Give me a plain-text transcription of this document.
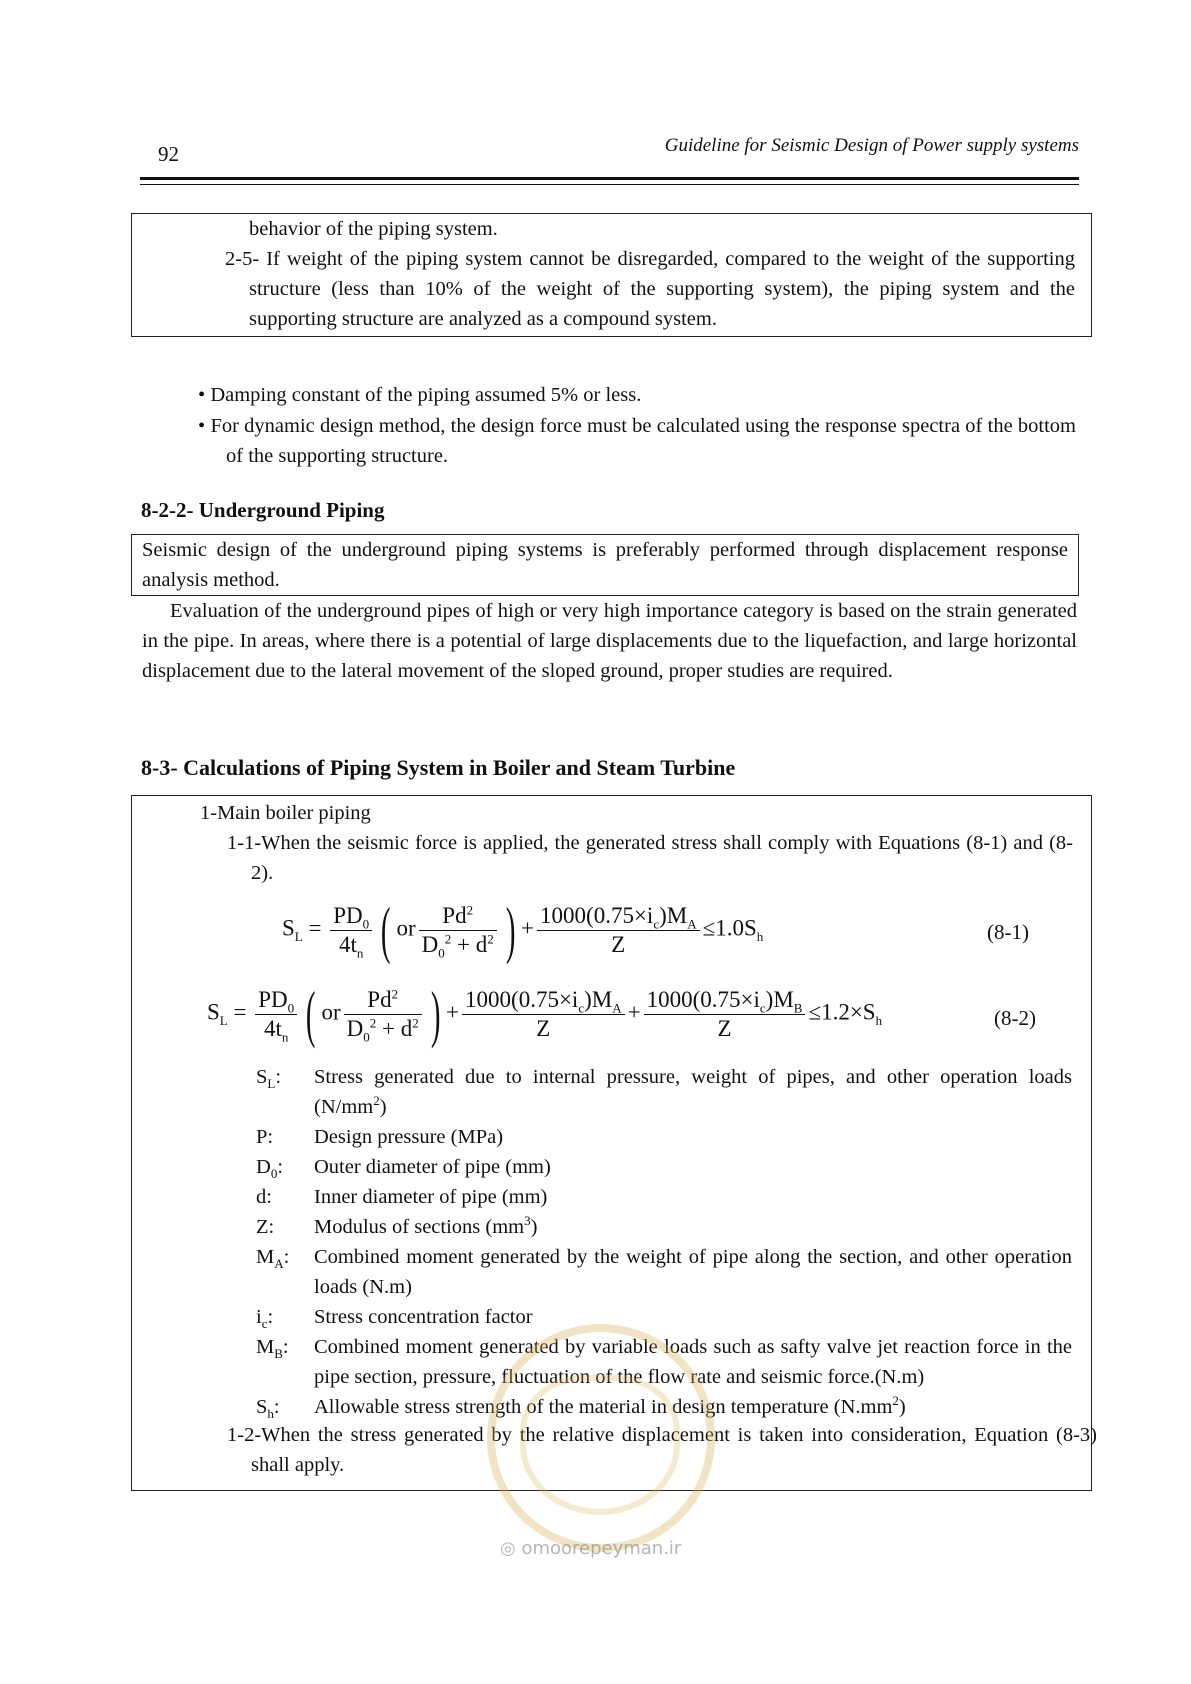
92	Guideline for Seismic Design of Power supply systems
behavior of the piping system.
2-5- If weight of the piping system cannot be disregarded, compared to the weight of the supporting structure (less than 10% of the weight of the supporting system), the piping system and the supporting structure are analyzed as a compound system.
• Damping constant of the piping assumed 5% or less.
• For dynamic design method, the design force must be calculated using the response spectra of the bottom of the supporting structure.
8-2-2- Underground Piping
Seismic design of the underground piping systems is preferably performed through displacement response analysis method.
Evaluation of the underground pipes of high or very high importance category is based on the strain generated in the pipe. In areas, where there is a potential of large displacements due to the liquefaction, and large horizontal displacement due to the lateral movement of the sloped ground, proper studies are required.
8-3- Calculations of Piping System in Boiler and Steam Turbine
1-Main boiler piping
1-1-When the seismic force is applied, the generated stress shall comply with Equations (8-1) and (8-2).
$S_L = \frac{PD_0}{4t_n}$ ( or $\frac{Pd^2}{D_0^2 + d^2}$ ) + $\frac{1000(0.75\times i_c)M_A}{Z} \le 1.0S_h$	(8-1)
$S_L = \frac{PD_0}{4t_n}$ ( or $\frac{Pd^2}{D_0^2 + d^2}$ ) + $\frac{1000(0.75\times i_c)M_A}{Z} + \frac{1000(0.75\times i_c)M_B}{Z} \le 1.2\times S_h$	(8-2)
1-2-When the stress generated by the relative displacement is taken into consideration, Equation (8-3) shall apply.
$S_L$: Stress generated due to internal pressure, weight of pipes, and other operation loads $(N/mm^2)$
P: Design pressure (MPa)
$D_0$: Outer diameter of pipe (mm)
d: Inner diameter of pipe (mm)
Z: Modulus of sections $(mm^3)$
$M_A$: Combined moment generated by the weight of pipe along the section, and other operation loads (N.m)
$i_c$: Stress concentration factor
$M_B$: Combined moment generated by variable loads such as safty valve jet reaction force in the pipe section, pressure, fluctuation of the flow rate and seismic force.(N.m)
$S_h$: Allowable stress strength of the material in design temperature $(N.mm^2)$
◎ omoorepeyman.ir
